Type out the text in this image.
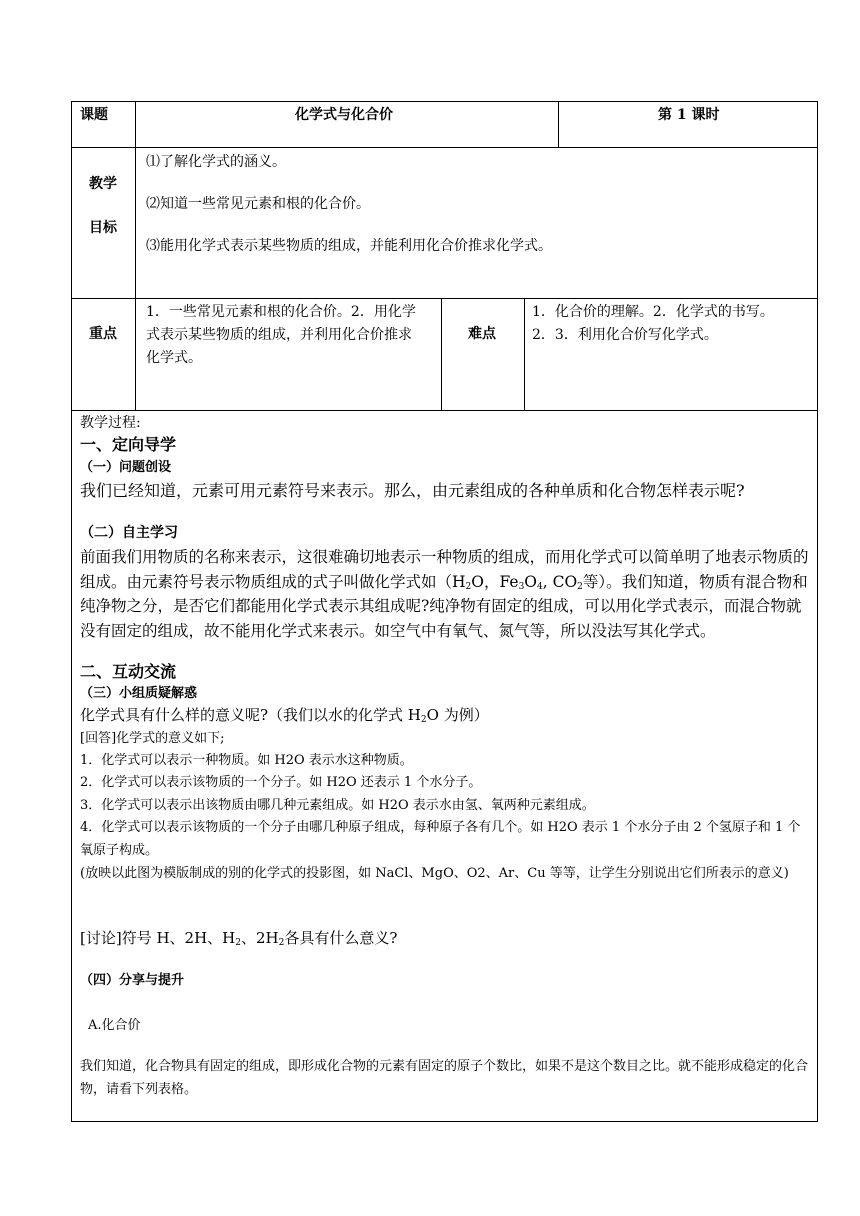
课题	化学式与化合价	第 1 课时
教学
目标
⑴了解化学式的涵义。
⑵知道一些常见元素和根的化合价。
⑶能用化学式表示某些物质的组成，并能利用化合价推求化学式。
重点
1．一些常见元素和根的化合价。2．用化学
式表示某些物质的组成，并利用化合价推求
化学式。
难点
1．化合价的理解。2．化学式的书写。
2．3．利用化合价写化学式。
教学过程:
一、定向导学
（一）问题创设
我们已经知道，元素可用元素符号来表示。那么，由元素组成的各种单质和化合物怎样表示呢?
（二）自主学习
前面我们用物质的名称来表示，这很难确切地表示一种物质的组成，而用化学式可以简单明了地表示物质的组成。由元素符号表示物质组成的式子叫做化学式如（$H_2O$，$Fe_3O_4$, $CO_2$等）。我们知道，物质有混合物和纯净物之分，是否它们都能用化学式表示其组成呢?纯净物有固定的组成，可以用化学式表示，而混合物就没有固定的组成，故不能用化学式来表示。如空气中有氧气、氮气等，所以没法写其化学式。
二、互动交流
（三）小组质疑解惑
化学式具有什么样的意义呢?（我们以水的化学式 $H_2O$ 为例）
[回答]化学式的意义如下;
1．化学式可以表示一种物质。如 H2O 表示水这种物质。
2．化学式可以表示该物质的一个分子。如 H2O 还表示 1 个水分子。
3．化学式可以表示出该物质由哪几种元素组成。如 H2O 表示水由氢、氧两种元素组成。
4．化学式可以表示该物质的一个分子由哪几种原子组成，每种原子各有几个。如 H2O 表示 1 个水分子由 2 个氢原子和 1 个氧原子构成。
(放映以此图为模版制成的别的化学式的投影图，如 NaCl、MgO、O2、Ar、Cu 等等，让学生分别说出它们所表示的意义)
[讨论]符号 H、2H、$H_2$、$2H_2$各具有什么意义?
（四）分享与提升
A.化合价
我们知道，化合物具有固定的组成，即形成化合物的元素有固定的原子个数比，如果不是这个数目之比。就不能形成稳定的化合物，请看下列表格。
